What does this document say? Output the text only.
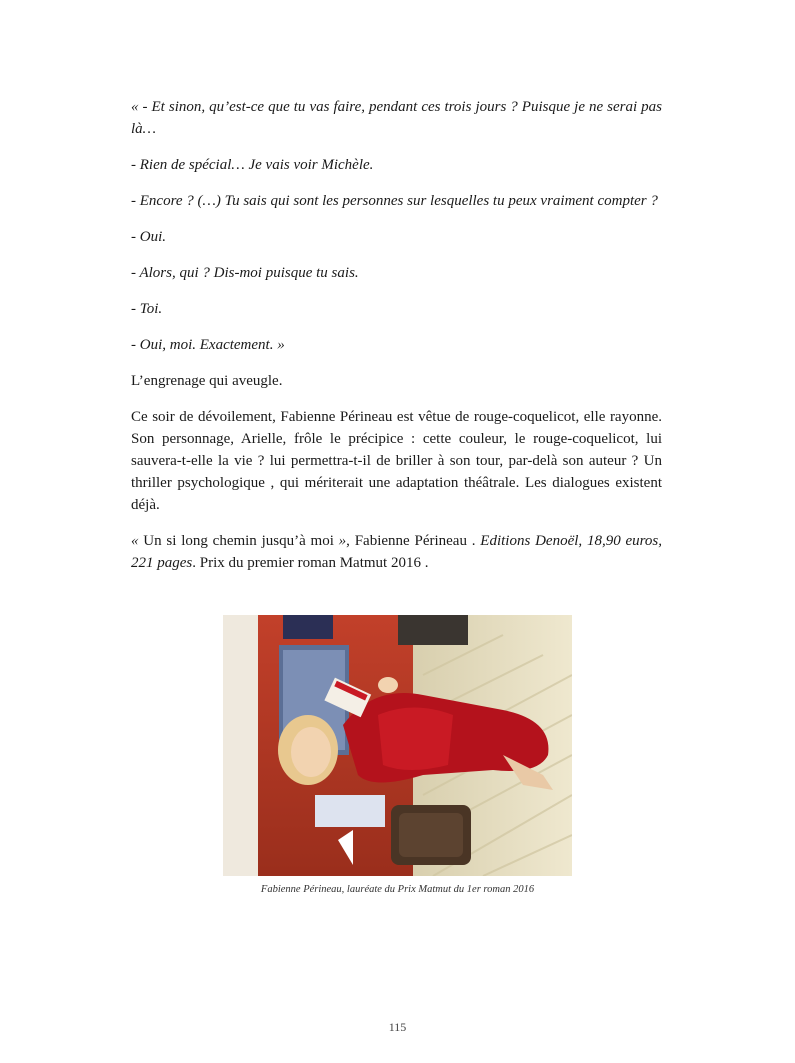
« - Et sinon, qu’est-ce que tu vas faire, pendant ces trois jours ? Puisque je ne serai pas là…

- Rien de spécial… Je vais voir Michèle.

- Encore ? (…) Tu sais qui sont les personnes sur lesquelles tu peux vraiment compter ?

- Oui.

- Alors, qui ? Dis-moi puisque tu sais.

- Toi.

- Oui, moi. Exactement. »

L’engrenage qui aveugle.

Ce soir de dévoilement, Fabienne Périneau est vêtue de rouge-coquelicot, elle rayonne. Son personnage, Arielle, frôle le précipice : cette couleur, le rouge-coquelicot, lui sauvera-t-elle la vie ? lui permettra-t-il de briller à son tour, par-delà son auteur ? Un thriller psychologique , qui mériterait une adaptation théâtrale. Les dialogues existent déjà.

« Un si long chemin jusqu’à moi », Fabienne Périneau . Editions Denoël, 18,90 euros, 221 pages. Prix du premier roman Matmut 2016 .

Fabienne Périneau, lauréate du Prix Matmut du 1er roman 2016
115
